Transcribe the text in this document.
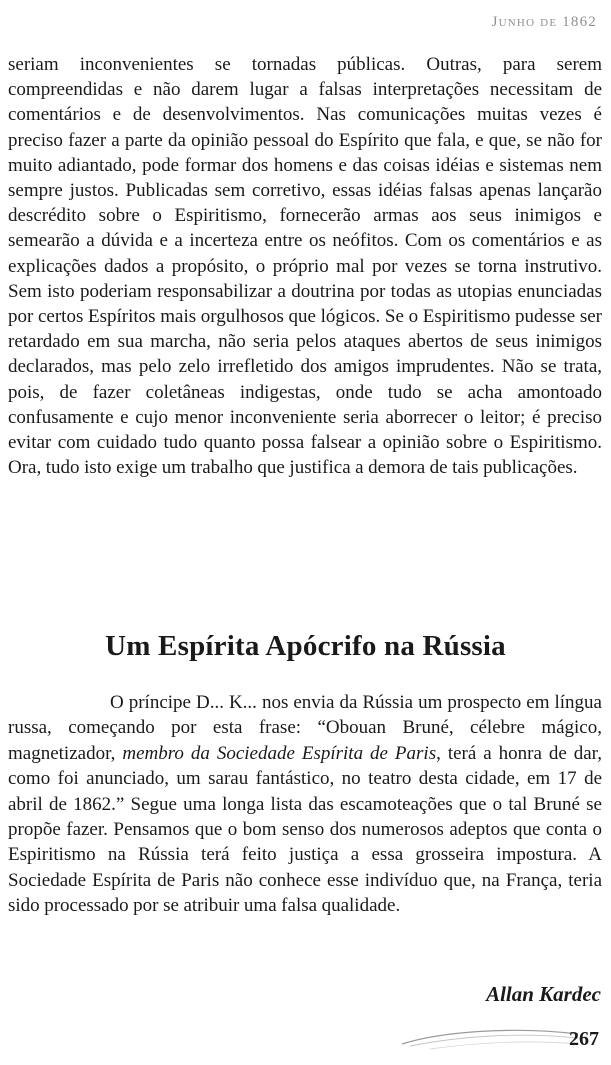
Junho de 1862

seriam inconvenientes se tornadas públicas. Outras, para serem compreendidas e não darem lugar a falsas interpretações necessitam de comentários e de desenvolvimentos. Nas comunicações muitas vezes é preciso fazer a parte da opinião pessoal do Espírito que fala, e que, se não for muito adiantado, pode formar dos homens e das coisas idéias e sistemas nem sempre justos. Publicadas sem corretivo, essas idéias falsas apenas lançarão descrédito sobre o Espiritismo, fornecerão armas aos seus inimigos e semearão a dúvida e a incerteza entre os neófitos. Com os comentários e as explicações dados a propósito, o próprio mal por vezes se torna instrutivo. Sem isto poderiam responsabilizar a doutrina por todas as utopias enunciadas por certos Espíritos mais orgulhosos que lógicos. Se o Espiritismo pudesse ser retardado em sua marcha, não seria pelos ataques abertos de seus inimigos declarados, mas pelo zelo irrefletido dos amigos imprudentes. Não se trata, pois, de fazer coletâneas indigestas, onde tudo se acha amontoado confusamente e cujo menor inconveniente seria aborrecer o leitor; é preciso evitar com cuidado tudo quanto possa falsear a opinião sobre o Espiritismo. Ora, tudo isto exige um trabalho que justifica a demora de tais publicações.

Um Espírita Apócrifo na Rússia

O príncipe D... K... nos envia da Rússia um prospecto em língua russa, começando por esta frase: “Obouan Bruné, célebre mágico, magnetizador, membro da Sociedade Espírita de Paris, terá a honra de dar, como foi anunciado, um sarau fantástico, no teatro desta cidade, em 17 de abril de 1862.” Segue uma longa lista das escamoteações que o tal Bruné se propõe fazer. Pensamos que o bom senso dos numerosos adeptos que conta o Espiritismo na Rússia terá feito justiça a essa grosseira impostura. A Sociedade Espírita de Paris não conhece esse indivíduo que, na França, teria sido processado por se atribuir uma falsa qualidade.

Allan Kardec
267
